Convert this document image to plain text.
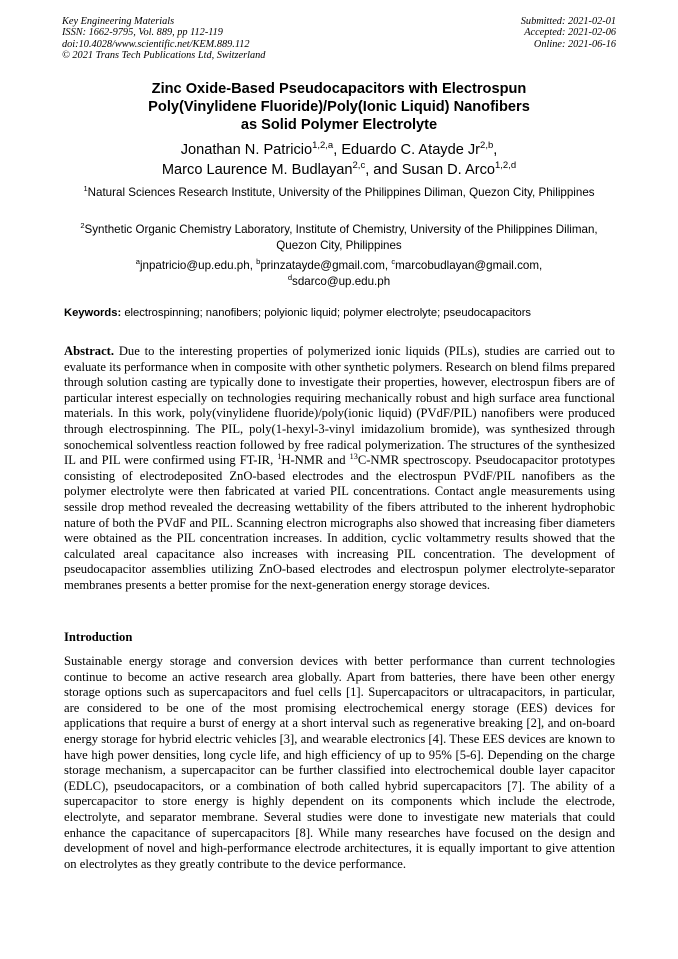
Key Engineering Materials
ISSN: 1662-9795, Vol. 889, pp 112-119
doi:10.4028/www.scientific.net/KEM.889.112
© 2021 Trans Tech Publications Ltd, Switzerland
Submitted: 2021-02-01
Accepted: 2021-02-06
Online: 2021-06-16
Zinc Oxide-Based Pseudocapacitors with Electrospun
Poly(Vinylidene Fluoride)/Poly(Ionic Liquid) Nanofibers
as Solid Polymer Electrolyte
Jonathan N. Patricio$^{1,2,a}$, Eduardo C. Atayde Jr$^{2,b}$,
Marco Laurence M. Budlayan$^{2,c}$, and Susan D. Arco$^{1,2,d}$
$^1$Natural Sciences Research Institute, University of the Philippines Diliman, Quezon City, Philippines
$^2$Synthetic Organic Chemistry Laboratory, Institute of Chemistry, University of the Philippines Diliman, Quezon City, Philippines
$^a$jnpatricio@up.edu.ph, $^b$prinzatayde@gmail.com, $^c$marcobudlayan@gmail.com, $^d$sdarco@up.edu.ph
Keywords: electrospinning; nanofibers; polyionic liquid; polymer electrolyte; pseudocapacitors
Abstract. Due to the interesting properties of polymerized ionic liquids (PILs), studies are carried out to evaluate its performance when in composite with other synthetic polymers. Research on blend films prepared through solution casting are typically done to investigate their properties, however, electrospun fibers are of particular interest especially on technologies requiring mechanically robust and high surface area functional materials. In this work, poly(vinylidene fluoride)/poly(ionic liquid) (PVdF/PIL) nanofibers were produced through electrospinning. The PIL, poly(1-hexyl-3-vinyl imidazolium bromide), was synthesized through sonochemical solventless reaction followed by free radical polymerization. The structures of the synthesized IL and PIL were confirmed using FT-IR, $^1$H-NMR and $^{13}$C-NMR spectroscopy. Pseudocapacitor prototypes consisting of electrodeposited ZnO-based electrodes and the electrospun PVdF/PIL nanofibers as the polymer electrolyte were then fabricated at varied PIL concentrations. Contact angle measurements using sessile drop method revealed the decreasing wettability of the fibers attributed to the inherent hydrophobic nature of both the PVdF and PIL. Scanning electron micrographs also showed that increasing fiber diameters were obtained as the PIL concentration increases. In addition, cyclic voltammetry results showed that the calculated areal capacitance also increases with increasing PIL concentration. The development of pseudocapacitor assemblies utilizing ZnO-based electrodes and electrospun polymer electrolyte-separator membranes presents a better promise for the next-generation energy storage devices.
Introduction
Sustainable energy storage and conversion devices with better performance than current technologies continue to become an active research area globally. Apart from batteries, there have been other energy storage options such as supercapacitors and fuel cells [1]. Supercapacitors or ultracapacitors, in particular, are considered to be one of the most promising electrochemical energy storage (EES) devices for applications that require a burst of energy at a short interval such as regenerative breaking [2], and on-board energy storage for hybrid electric vehicles [3], and wearable electronics [4]. These EES devices are known to have high power densities, long cycle life, and high efficiency of up to 95% [5-6]. Depending on the charge storage mechanism, a supercapacitor can be further classified into electrochemical double layer capacitor (EDLC), pseudocapacitors, or a combination of both called hybrid supercapacitors [7]. The ability of a supercapacitor to store energy is highly dependent on its components which include the electrode, electrolyte, and separator membrane. Several studies were done to investigate new materials that could enhance the capacitance of supercapacitors [8]. While many researches have focused on the design and development of novel and high-performance electrode architectures, it is equally important to give attention on electrolytes as they greatly contribute to the device performance.
